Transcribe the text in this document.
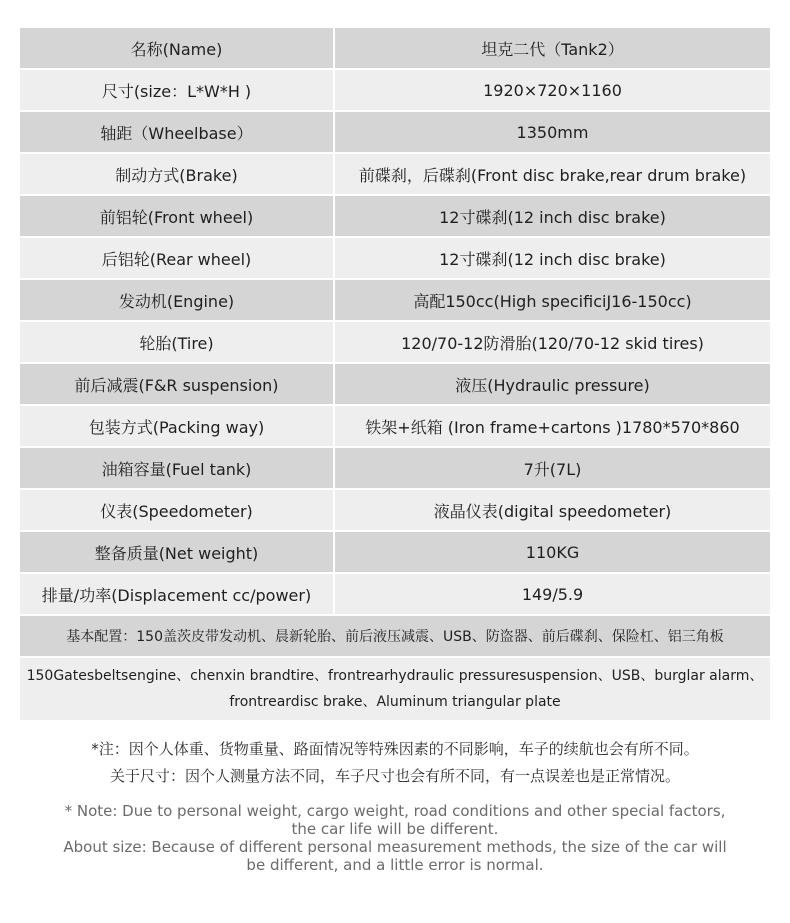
名称(Name)	坦克二代（Tank2）
尺寸(size：L*W*H )	1920×720×1160
轴距（Wheelbase）	1350mm
制动方式(Brake)	前碟刹，后碟刹(Front disc brake,rear drum brake)
前铝轮(Front wheel)	12寸碟刹(12 inch disc brake)
后铝轮(Rear wheel)	12寸碟刹(12 inch disc brake)
发动机(Engine)	高配150cc(High specificiJ16-150cc)
轮胎(Tire)	120/70-12防滑胎(120/70-12 skid tires)
前后减震(F&R suspension)	液压(Hydraulic pressure)
包装方式(Packing way)	铁架+纸箱 (Iron frame+cartons )1780*570*860
油箱容量(Fuel tank)	7升(7L)
仪表(Speedometer)	液晶仪表(digital speedometer)
整备质量(Net weight)	110KG
排量/功率(Displacement cc/power)	149/5.9
基本配置：150盖茨皮带发动机、晨新轮胎、前后液压减震、USB、防盗器、前后碟刹、保险杠、铝三角板
150Gatesbeltsengine、chenxin brandtire、frontrearhydraulic pressuresuspension、USB、burglar alarm、
frontreardisc brake、Aluminum triangular plate
*注：因个人体重、货物重量、路面情况等特殊因素的不同影响，车子的续航也会有所不同。
关于尺寸：因个人测量方法不同，车子尺寸也会有所不同，有一点误差也是正常情况。
* Note: Due to personal weight, cargo weight, road conditions and other special factors,
the car life will be different.
About size: Because of different personal measurement methods, the size of the car will
be different, and a little error is normal.
